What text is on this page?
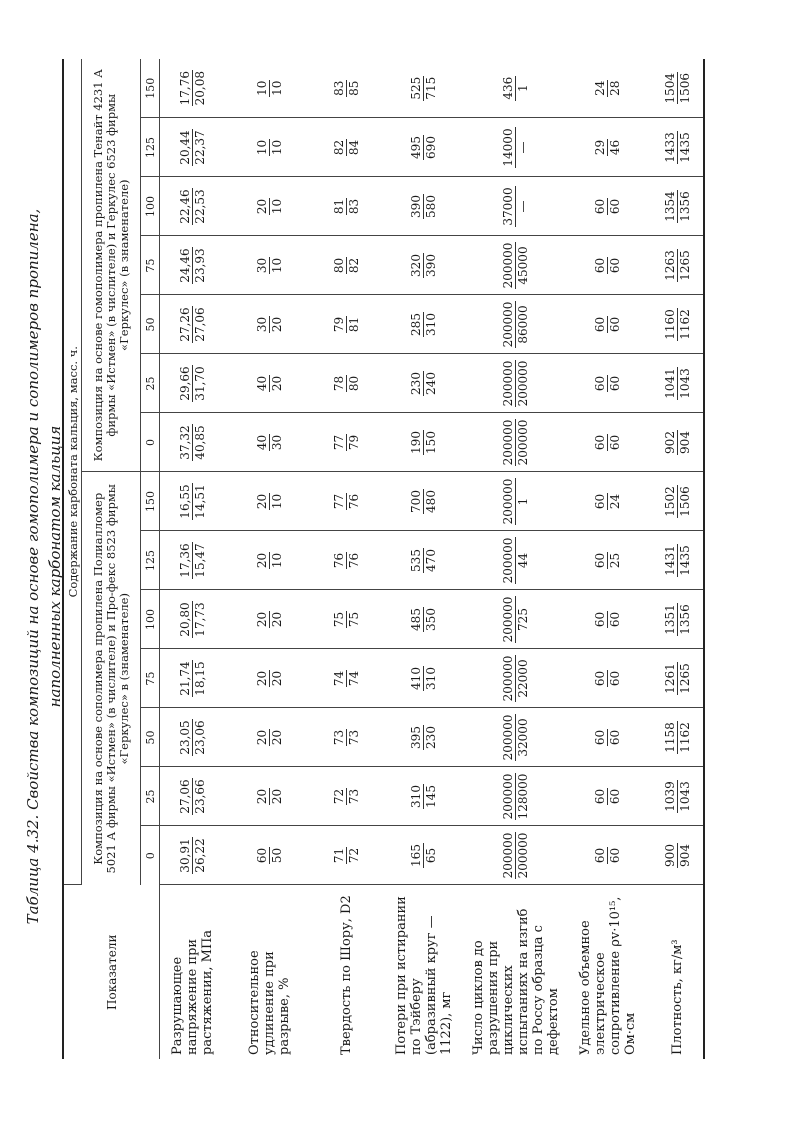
Таблица 4.32. Свойства композиций на основе гомополимера и сополимеров пропилена, наполненных карбонатом кальция
Показатели	Содержание карбоната кальция, масс. ч.													
	Композиция на основе сополимера пропилена Полиалломер 5021 А фирмы «Истмен» (в числителе) и Про-фекс 8523 фирмы «Геркулес» в (знаменателе)							Композиция на основе гомополимера пропилена Тенайт 4231 А фирмы «Истмен» (в числителе) и Геркулес 6523 фирмы «Геркулес» (в знаменателе)						
	0	25	50	75	100	125	150	0	25	50	75	100	125	150
Разрушающее напряжение при растяжении, МПа	30,91 26,22	27,06 23,66	23,05 23,06	21,74 18,15	20,80 17,73	17,36 15,47	16,55 14,51	37,32 40,85	29,66 31,70	27,26 27,06	24,46 23,93	22,46 22,53	20,44 22,37	17,76 20,08

Относительное удлинение при разрыве, %	60 50	20 20	20 20	20 20	20 20	20 10	20 10	40 30	40 20	30 20	30 10	20 10	10 10	10 10

Твердость по Шору, D2	71 72	72 73	73 73	74 74	75 75	76 76	77 76	77 79	78 80	79 81	80 82	81 83	82 84	83 85

Потери при истирании по Тэйберу (абразивный круг — 1122), мг	165 65	310 145	395 230	410 310	485 350	535 470	700 480	190 150	230 240	285 310	320 390	390 580	495 690	525 715

Число циклов до разрушения при циклических испытаниях на изгиб по Россу образца с дефектом	200000 200000	200000 128000	200000 32000	200000 22000	200000 725	200000 44	200000 1	200000 200000	200000 200000	200000 86000	200000 45000	37000 —	14000 —	436 1

Удельное объемное электрическое сопротивление ρv·10¹⁵, Ом·см	60 60	60 60	60 60	60 60	60 60	60 25	60 24	60 60	60 60	60 60	60 60	60 60	29 46	24 28

Плотность, кг/м³	900 904	1039 1043	1158 1162	1261 1265	1351 1356	1431 1435	1502 1506	902 904	1041 1043	1160 1162	1263 1265	1354 1356	1433 1435	1504 1506
